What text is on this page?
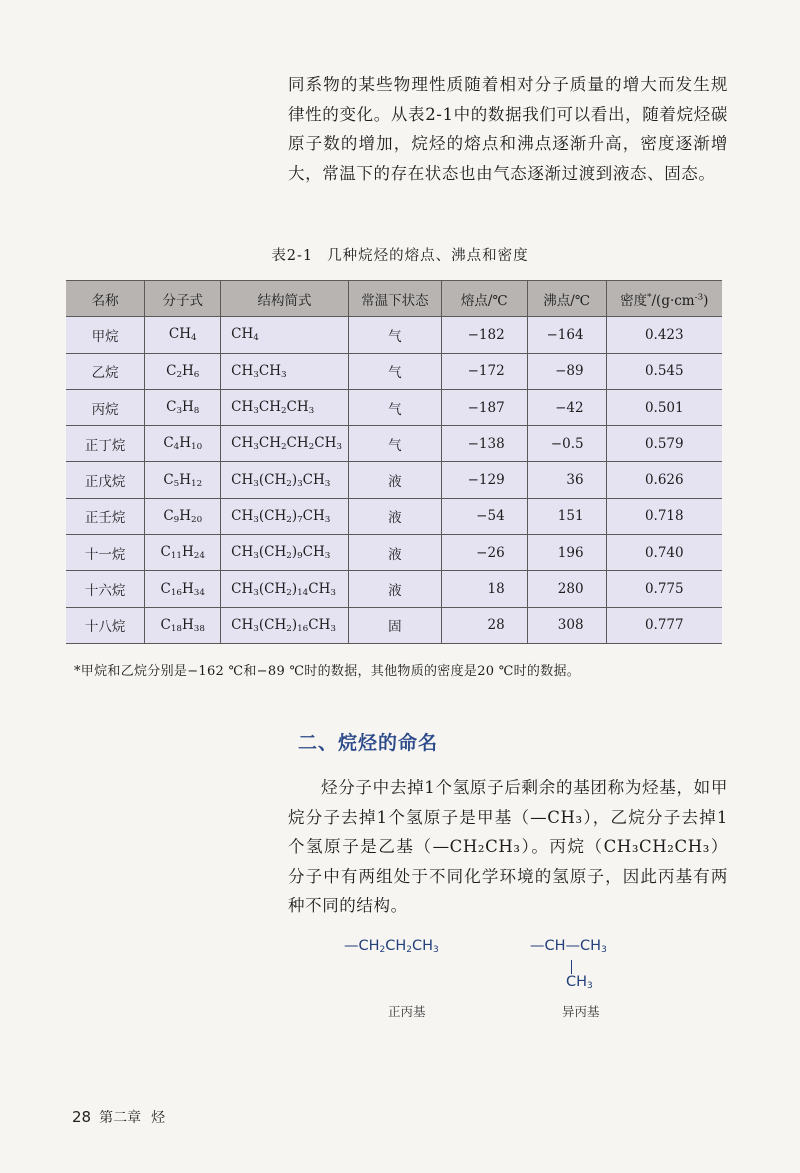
同系物的某些物理性质随着相对分子质量的增大而发生规律性的变化。从表2-1中的数据我们可以看出，随着烷烃碳原子数的增加，烷烃的熔点和沸点逐渐升高，密度逐渐增大，常温下的存在状态也由气态逐渐过渡到液态、固态。

表2-1 几种烷烃的熔点、沸点和密度
名称	分子式	结构简式	常温下状态	熔点/℃	沸点/℃	密度$^*/(g\cdot cm^{-3})$
甲烷	$CH_4$	$CH_4$	气	−182	−164	0.423
乙烷	$C_2H_6$	$CH_3CH_3$	气	−172	−89	0.545
丙烷	$C_3H_8$	$CH_3CH_2CH_3$	气	−187	−42	0.501
正丁烷	$C_4H_{10}$	$CH_3CH_2CH_2CH_3$	气	−138	−0.5	0.579
正戊烷	$C_5H_{12}$	$CH_3(CH_2)_3CH_3$	液	−129	36	0.626
正壬烷	$C_9H_{20}$	$CH_3(CH_2)_7CH_3$	液	−54	151	0.718
十一烷	$C_{11}H_{24}$	$CH_3(CH_2)_9CH_3$	液	−26	196	0.740
十六烷	$C_{16}H_{34}$	$CH_3(CH_2)_{14}CH_3$	液	18	280	0.775
十八烷	$C_{18}H_{38}$	$CH_3(CH_2)_{16}CH_3$	固	28	308	0.777
*甲烷和乙烷分别是−162 ℃和−89 ℃时的数据，其他物质的密度是20 ℃时的数据。
二、烷烃的命名

烃分子中去掉1个氢原子后剩余的基团称为烃基，如甲烷分子去掉1个氢原子是甲基（—CH₃），乙烷分子去掉1个氢原子是乙基（—CH₂CH₃）。丙烷（CH₃CH₂CH₃）分子中有两组处于不同化学环境的氢原子，因此丙基有两种不同的结构。

$—CH_2CH_2CH_3$	$—CH—CH_3$
$CH_3$
正丙基	异丙基
28 第二章 烃
